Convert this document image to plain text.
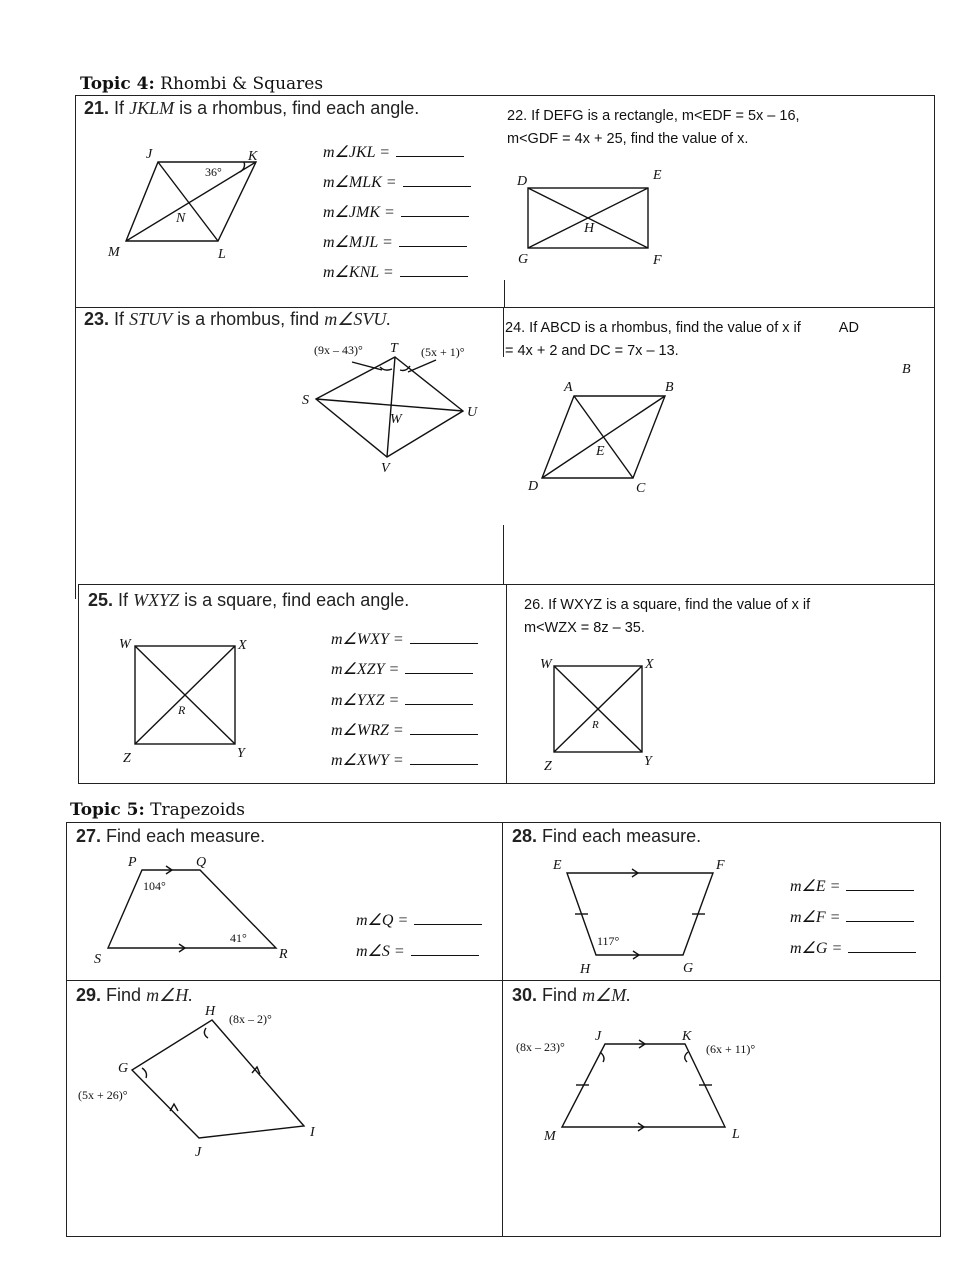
Topic 4: Rhombi & Squares
21. If JKLM is a rhombus, find each angle.
J	K
L
M
N
36°
m∠JKL =
m∠MLK =
m∠JMK =
m∠MJL =
m∠KNL =
22. If DEFG is a rectangle, m<EDF = 5x – 16,
m<GDF = 4x + 25, find the value of x.
D	E
F
G
H
23. If STUV is a rhombus, find m∠SVU.
S
T
U
V
W
(9x – 43)°	(5x + 1)°
24. If ABCD is a rhombus, find the value of x if	AD
= 4x + 2 and DC = 7x – 13.
B
A	B
C
D
E
25. If WXYZ is a square, find each angle.
W	X
Y
Z
R
m∠WXY =
m∠XZY =
m∠YXZ =
m∠WRZ =
m∠XWY =
26. If WXYZ is a square, find the value of x if
m<WZX = 8z – 35.
W	X
Y
Z
R
Topic 5: Trapezoids
27. Find each measure.
P	Q
R
S
104°
41°
m∠Q =
m∠S =
28. Find each measure.
E	F
G
H
117°
m∠E =
m∠F =
m∠G =
29. Find m∠H.
H
G
I
J
(8x – 2)°
(5x + 26)°
30. Find m∠M.
J	K
L
M
(8x – 23)°	(6x + 11)°
